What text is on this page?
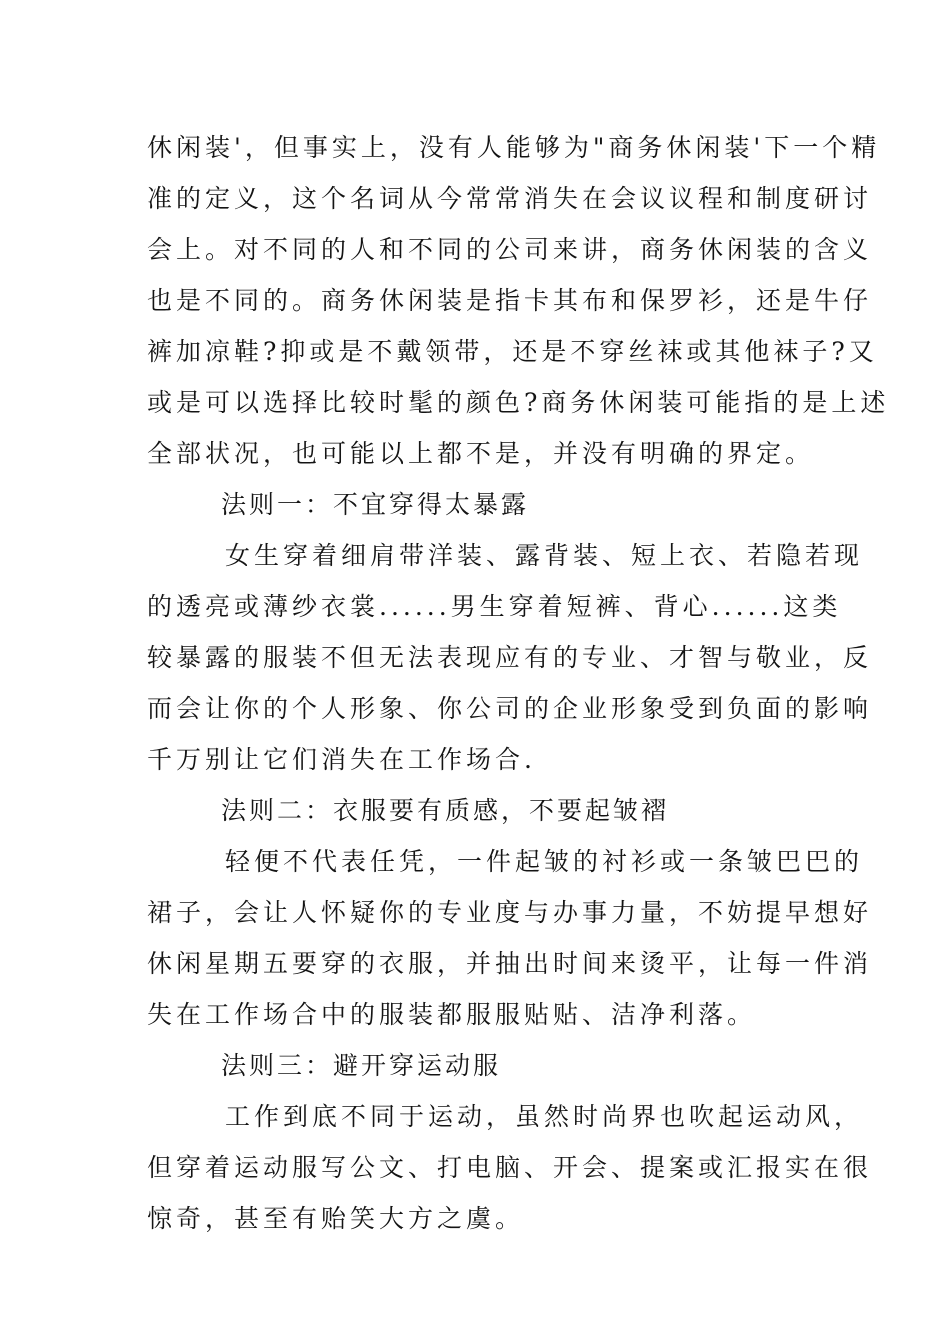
休闲装'，但事实上，没有人能够为"商务休闲装'下一个精
准的定义，这个名词从今常常消失在会议议程和制度研讨
会上。对不同的人和不同的公司来讲，商务休闲装的含义
也是不同的。商务休闲装是指卡其布和保罗衫，还是牛仔
裤加凉鞋?抑或是不戴领带，还是不穿丝袜或其他袜子?又
或是可以选择比较时髦的颜色?商务休闲装可能指的是上述
全部状况，也可能以上都不是，并没有明确的界定。
法则一：不宜穿得太暴露
女生穿着细肩带洋装、露背装、短上衣、若隐若现
的透亮或薄纱衣裳......男生穿着短裤、背心......这类
较暴露的服装不但无法表现应有的专业、才智与敬业，反
而会让你的个人形象、你公司的企业形象受到负面的影响
千万别让它们消失在工作场合.
法则二：衣服要有质感，不要起皱褶
轻便不代表任凭，一件起皱的衬衫或一条皱巴巴的
裙子，会让人怀疑你的专业度与办事力量，不妨提早想好
休闲星期五要穿的衣服，并抽出时间来烫平，让每一件消
失在工作场合中的服装都服服贴贴、洁净利落。
法则三：避开穿运动服
工作到底不同于运动，虽然时尚界也吹起运动风，
但穿着运动服写公文、打电脑、开会、提案或汇报实在很
惊奇，甚至有贻笑大方之虞。
